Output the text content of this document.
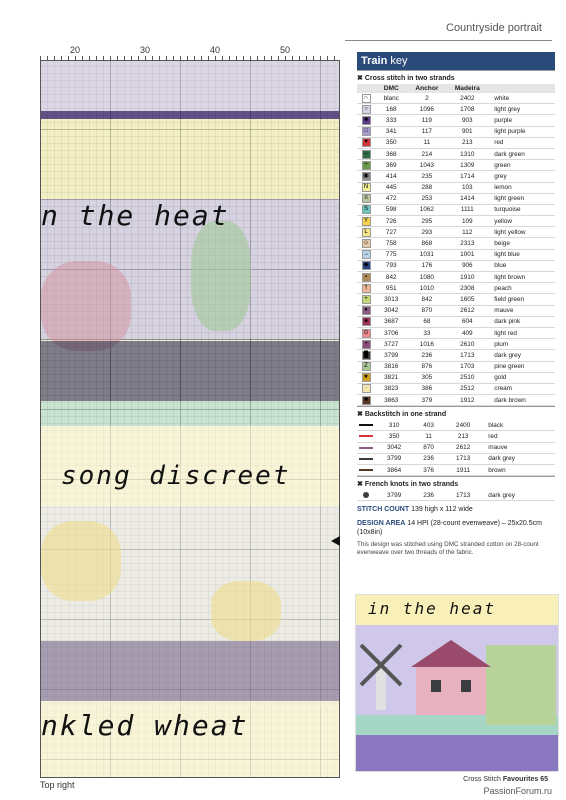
Countryside portrait
20	30	40	50
n the heat
song discreet
nkled wheat
Top right
Train key
✖ Cross stitch in two strands
	DMC	Anchor	Madeira	
∩	blanc	2	2402	white
○	168	1096	1708	light grey
■	333	119	903	purple
□	341	117	901	light purple
♥	350	11	213	red
─	368	214	1310	dark green
÷	369	1043	1309	green
▣	414	235	1714	grey
N	445	288	103	lemon
≡	472	253	1414	light green
S	598	1062	1111	turquoise
Y	726	295	109	yellow
L	727	293	112	light yellow
⬦	758	868	2313	beige
→	775	1031	1001	light blue
◆	793	176	906	blue
▪	842	1080	1910	light brown
†	951	1010	2308	peach
+	3013	842	1605	field green
♦	3042	870	2612	mauve
◈	3687	68	604	dark pink
⊙	3706	33	409	light red
•	3727	1016	2610	plum
█	3799	236	1713	dark grey
Z	3816	876	1703	pine green
★	3821	305	2510	gold
·	3823	386	2512	cream
■	3863	379	1912	dark brown
✖ Backstitch in one strand
	310	403	2400	black
	350	11	213	red
	3042	870	2612	mauve
	3799	236	1713	dark grey
	3864	376	1911	brown
✖ French knots in two strands
	3799	236	1713	dark grey
STITCH COUNT 139 high x 112 wide
DESIGN AREA 14 HPI (28-count evenweave) – 25x20.5cm (10x8in)
This design was stitched using DMC stranded cotton on 28-count evenweave over two threads of the fabric.
in the heat
Cross Stitch Favourites 65
PassionForum.ru
